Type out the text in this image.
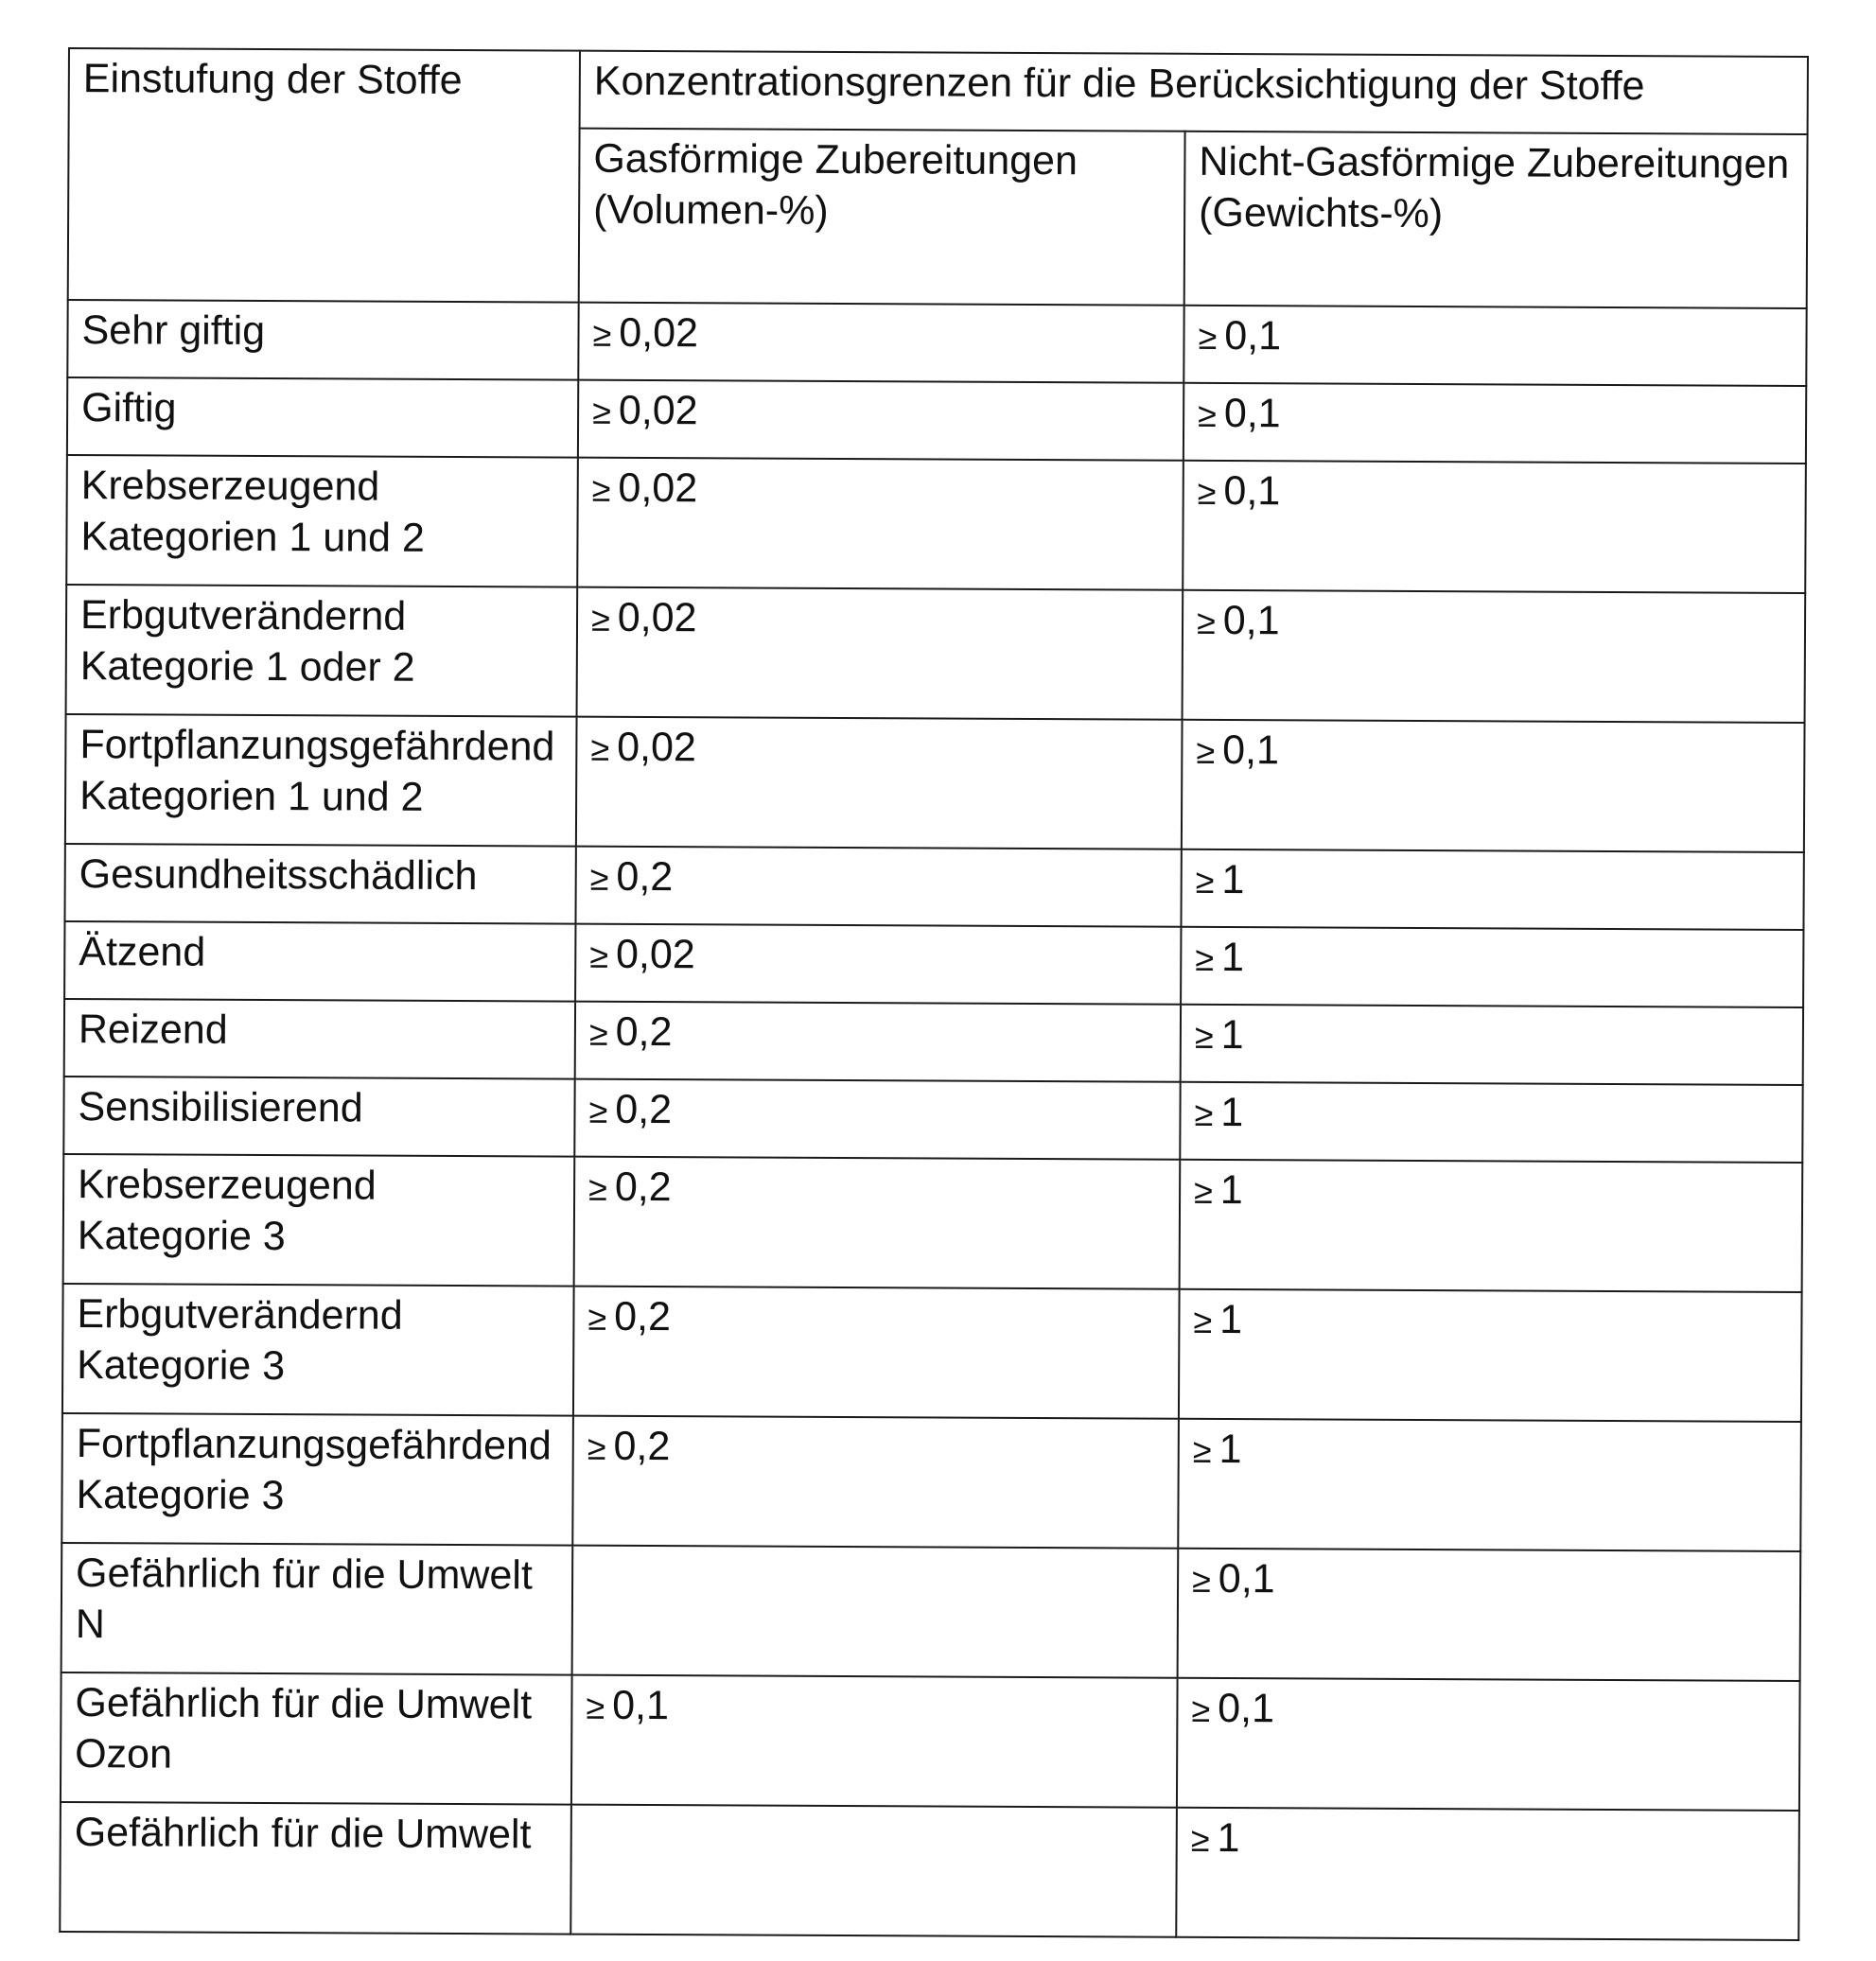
Einstufung der Stoffe	Konzentrationsgrenzen für die Berücksichtigung der Stoffe	
	Gasförmige Zubereitungen (Volumen-%)	Nicht-Gasförmige Zubereitungen (Gewichts-%)
Sehr giftig	≥ 0,02	≥ 0,1
Giftig	≥ 0,02	≥ 0,1
Krebserzeugend Kategorien 1 und 2	≥ 0,02	≥ 0,1
Erbgutverändernd Kategorie 1 oder 2	≥ 0,02	≥ 0,1
Fortpflanzungsgefährdend Kategorien 1 und 2	≥ 0,02	≥ 0,1
Gesundheitsschädlich	≥ 0,2	≥ 1
Ätzend	≥ 0,02	≥ 1
Reizend	≥ 0,2	≥ 1
Sensibilisierend	≥ 0,2	≥ 1
Krebserzeugend Kategorie 3	≥ 0,2	≥ 1
Erbgutverändernd Kategorie 3	≥ 0,2	≥ 1
Fortpflanzungsgefährdend Kategorie 3	≥ 0,2	≥ 1
Gefährlich für die Umwelt N		≥ 0,1
Gefährlich für die Umwelt Ozon	≥ 0,1	≥ 0,1
Gefährlich für die Umwelt		≥ 1
